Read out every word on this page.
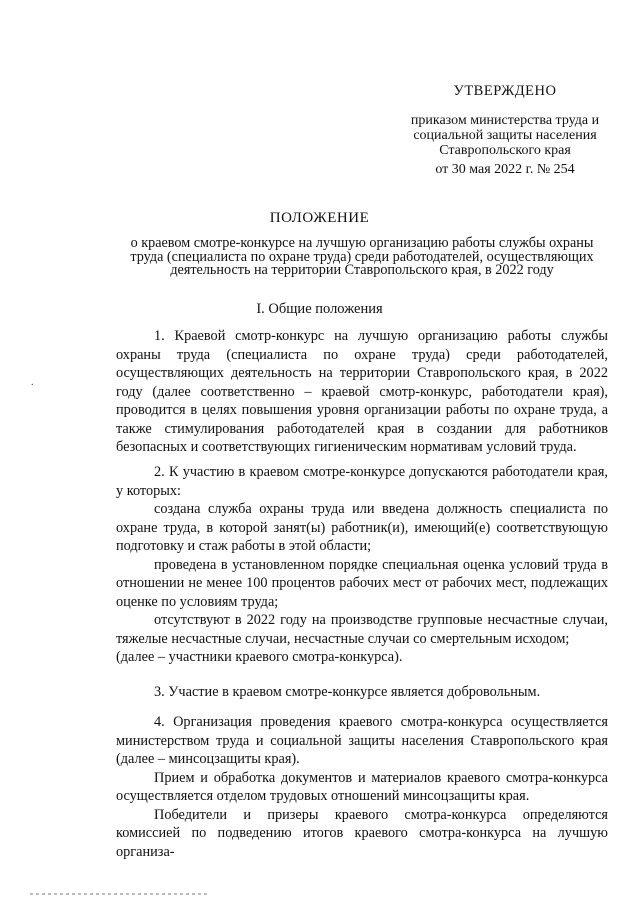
УТВЕРЖДЕНО
приказом министерства труда и
социальной защиты населения
Ставропольского края
от 30 мая 2022 г. № 254
ПОЛОЖЕНИЕ
о краевом смотре-конкурсе на лучшую организацию работы службы охраны
труда (специалиста по охране труда) среди работодателей, осуществляющих
деятельность на территории Ставропольского края, в 2022 году
I. Общие положения
.

1. Краевой смотр-конкурс на лучшую организацию работы службы охраны труда (специалиста по охране труда) среди работодателей, осуществляющих деятельность на территории Ставропольского края, в 2022 году (далее соответственно – краевой смотр-конкурс, работодатели края), проводится в целях повышения уровня организации работы по охране труда, а также стимулирования работодателей края в создании для работников безопасных и соответствующих гигиеническим нормативам условий труда.

2. К участию в краевом смотре-конкурсе допускаются работодатели края, у которых:

создана служба охраны труда или введена должность специалиста по охране труда, в которой занят(ы) работник(и), имеющий(е) соответствующую подготовку и стаж работы в этой области;

проведена в установленном порядке специальная оценка условий труда в отношении не менее 100 процентов рабочих мест от рабочих мест, подлежащих оценке по условиям труда;

отсутствуют в 2022 году на производстве групповые несчастные случаи, тяжелые несчастные случаи, несчастные случаи со смертельным исходом;

(далее – участники краевого смотра-конкурса).

3. Участие в краевом смотре-конкурсе является добровольным.

4. Организация проведения краевого смотра-конкурса осуществляется министерством труда и социальной защиты населения Ставропольского края (далее – минсоцзащиты края).

Прием и обработка документов и материалов краевого смотра-конкурса осуществляется отделом трудовых отношений минсоцзащиты края.

Победители и призеры краевого смотра-конкурса определяются комиссией по подведению итогов краевого смотра-конкурса на лучшую организа-
